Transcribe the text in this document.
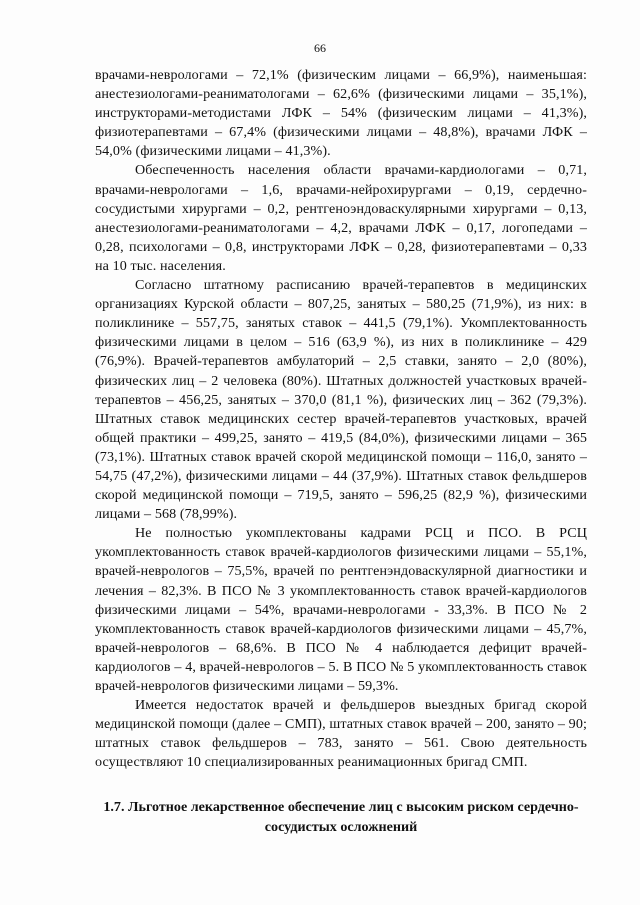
66

врачами-неврологами – 72,1% (физическим лицами – 66,9%), наименьшая: анестезиологами-реаниматологами – 62,6% (физическими лицами – 35,1%), инструкторами-методистами ЛФК – 54% (физическим лицами – 41,3%), физиотерапевтами – 67,4% (физическими лицами – 48,8%), врачами ЛФК – 54,0% (физическими лицами – 41,3%).

Обеспеченность населения области врачами-кардиологами – 0,71, врачами-неврологами – 1,6, врачами-нейрохирургами – 0,19, сердечно-сосудистыми хирургами – 0,2, рентгеноэндоваскулярными хирургами – 0,13, анестезиологами-реаниматологами – 4,2, врачами ЛФК – 0,17, логопедами – 0,28, психологами – 0,8, инструкторами ЛФК – 0,28, физиотерапевтами – 0,33 на 10 тыс. населения.

Согласно штатному расписанию врачей-терапевтов в медицинских организациях Курской области – 807,25, занятых – 580,25 (71,9%), из них: в поликлинике – 557,75, занятых ставок – 441,5 (79,1%). Укомплектованность физическими лицами в целом – 516 (63,9 %), из них в поликлинике – 429 (76,9%). Врачей-терапевтов амбулаторий – 2,5 ставки, занято – 2,0 (80%), физических лиц – 2 человека (80%). Штатных должностей участковых врачей-терапевтов – 456,25, занятых – 370,0 (81,1 %), физических лиц – 362 (79,3%). Штатных ставок медицинских сестер врачей-терапевтов участковых, врачей общей практики – 499,25, занято – 419,5 (84,0%), физическими лицами – 365 (73,1%). Штатных ставок врачей скорой медицинской помощи – 116,0, занято – 54,75 (47,2%), физическими лицами – 44 (37,9%). Штатных ставок фельдшеров скорой медицинской помощи – 719,5, занято – 596,25 (82,9 %), физическими лицами – 568 (78,99%).

Не полностью укомплектованы кадрами РСЦ и ПСО. В РСЦ укомплектованность ставок врачей-кардиологов физическими лицами – 55,1%, врачей-неврологов – 75,5%, врачей по рентгенэндоваскулярной диагностики и лечения – 82,3%. В ПСО № 3 укомплектованность ставок врачей-кардиологов физическими лицами – 54%, врачами-неврологами - 33,3%. В ПСО № 2 укомплектованность ставок врачей-кардиологов физическими лицами – 45,7%, врачей-неврологов – 68,6%. В ПСО № 4 наблюдается дефицит врачей-кардиологов – 4, врачей-неврологов – 5. В ПСО № 5 укомплектованность ставок врачей-неврологов физическими лицами – 59,3%.

Имеется недостаток врачей и фельдшеров выездных бригад скорой медицинской помощи (далее – СМП), штатных ставок врачей – 200, занято – 90; штатных ставок фельдшеров – 783, занято – 561. Свою деятельность осуществляют 10 специализированных реанимационных бригад СМП.

1.7. Льготное лекарственное обеспечение лиц с высоким риском сердечно-сосудистых осложнений
